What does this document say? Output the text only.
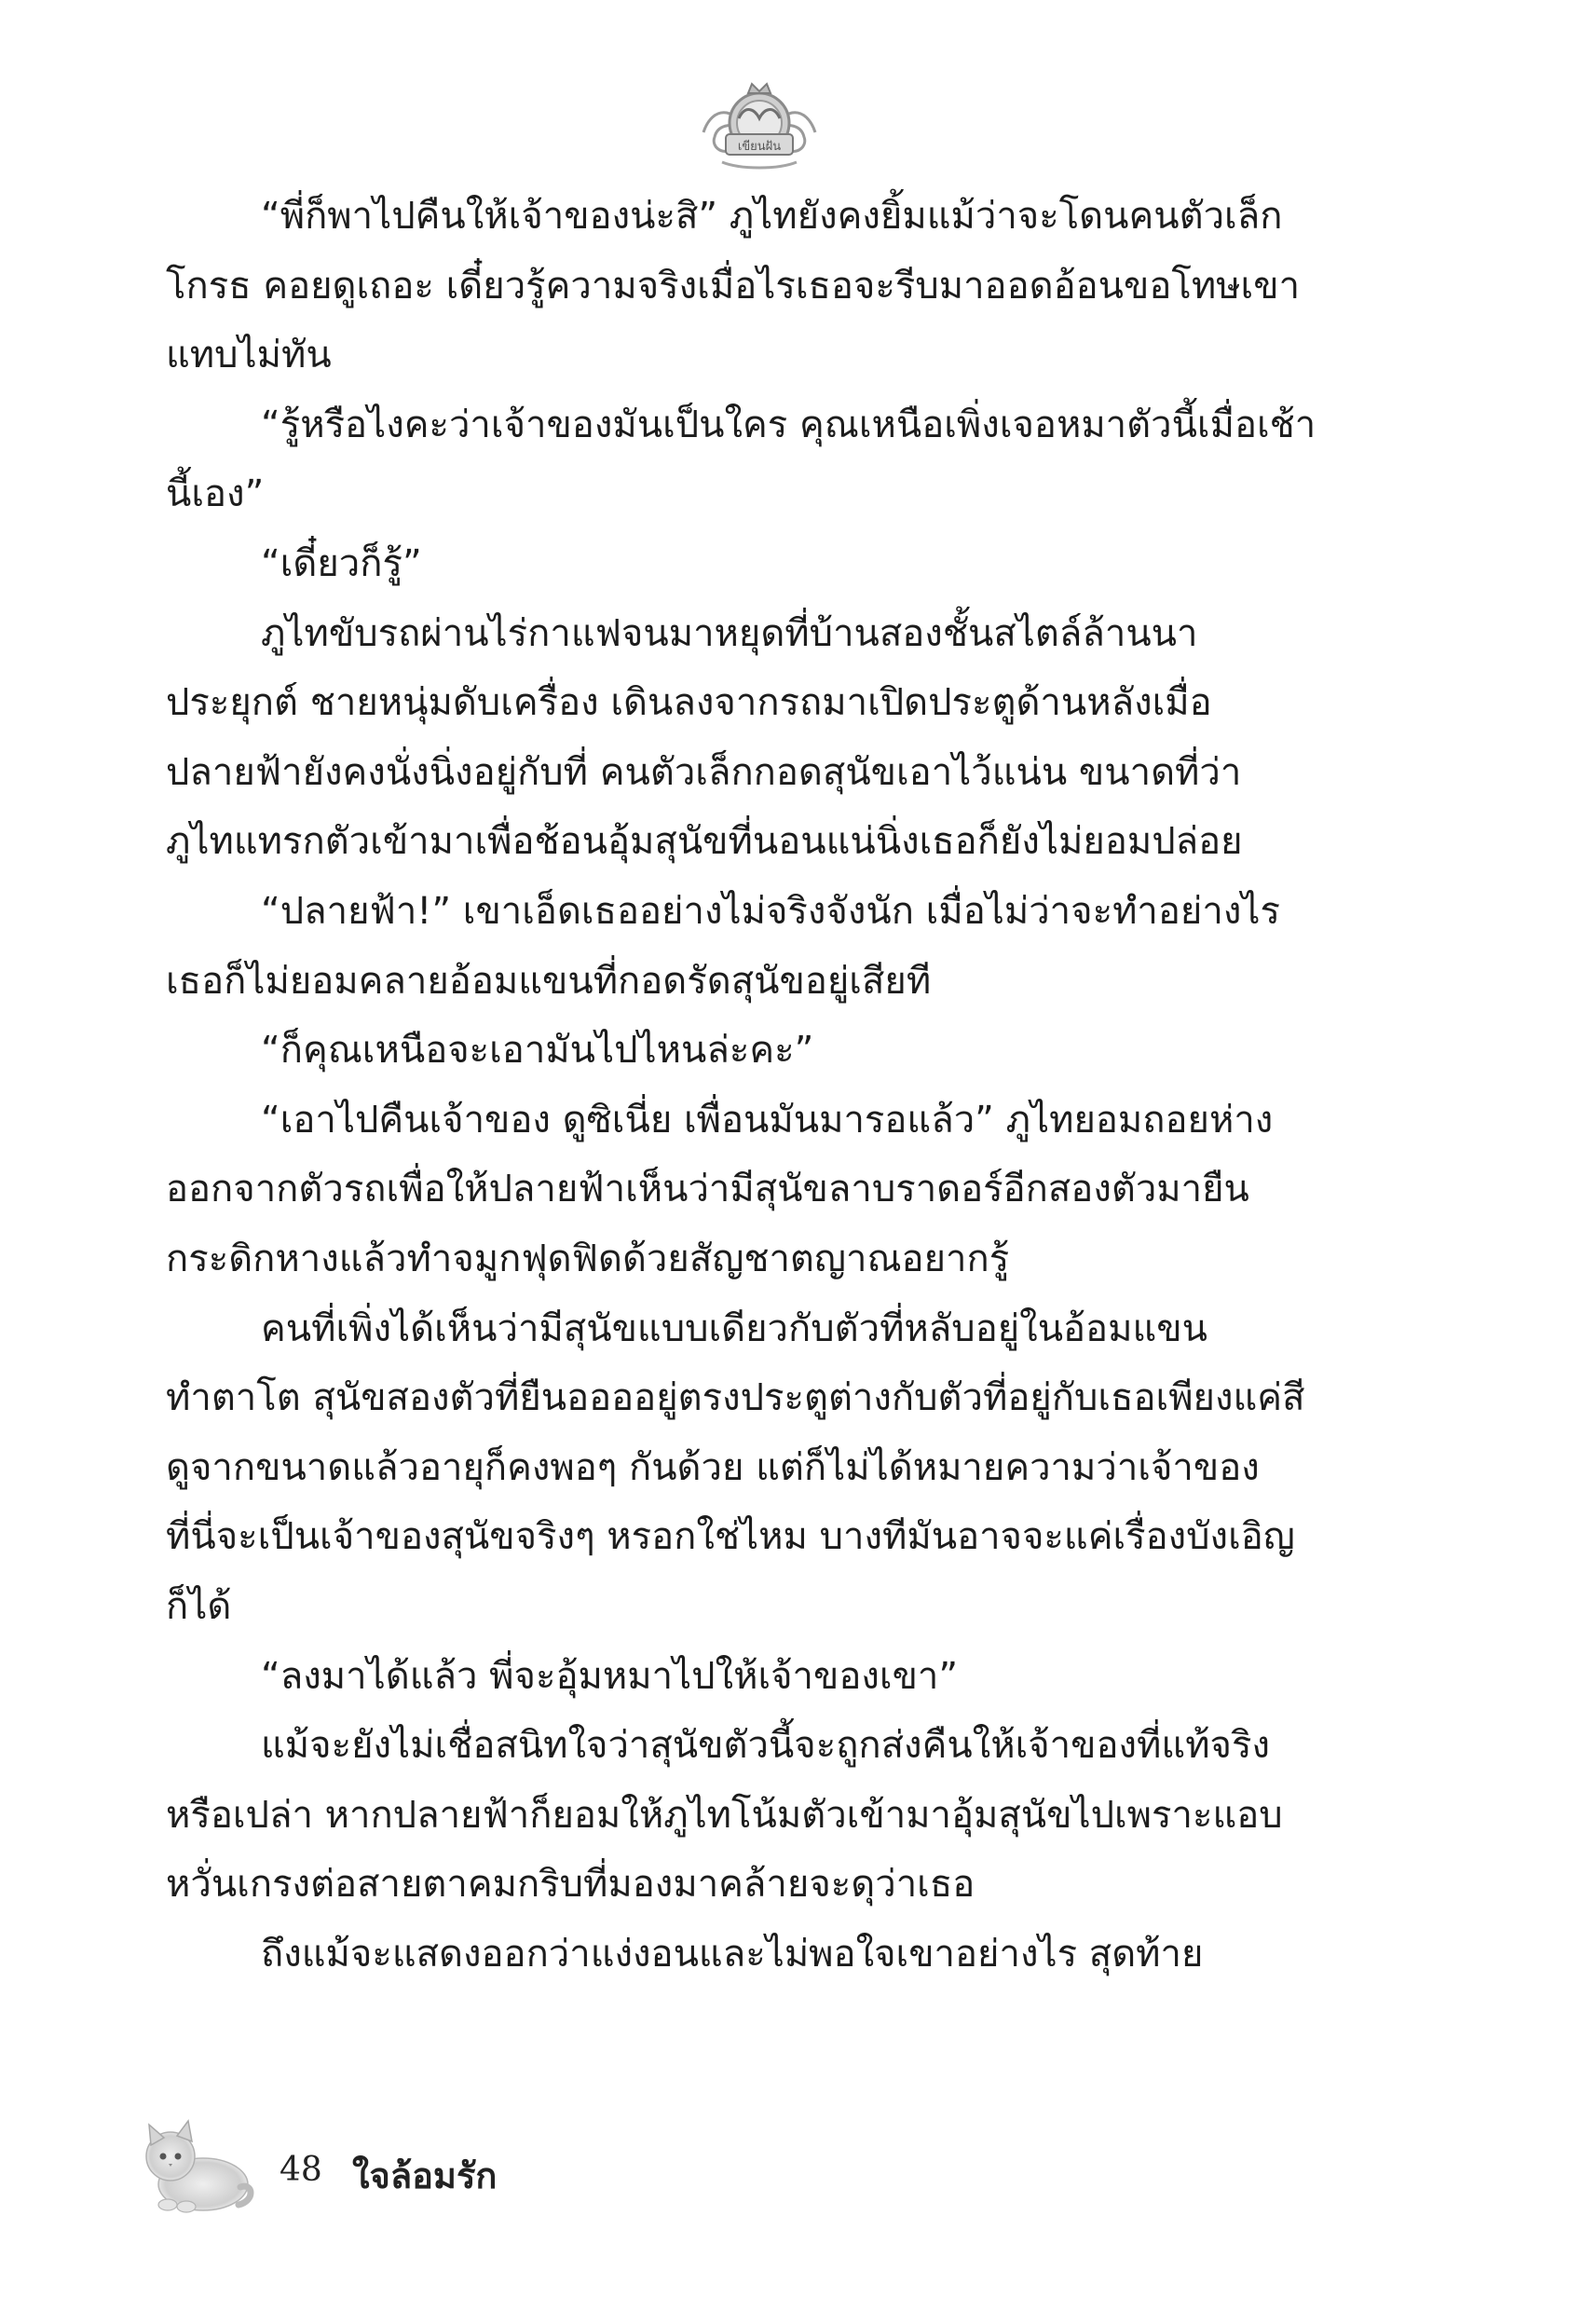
เขียนฝัน
“พี่ก็พาไปคืนให้เจ้าของน่ะสิ” ภูไทยังคงยิ้มแม้ว่าจะโดนคนตัวเล็ก
โกรธ คอยดูเถอะ เดี๋ยวรู้ความจริงเมื่อไรเธอจะรีบมาออดอ้อนขอโทษเขา
แทบไม่ทัน
“รู้หรือไงคะว่าเจ้าของมันเป็นใคร คุณเหนือเพิ่งเจอหมาตัวนี้เมื่อเช้า
นี้เอง”
“เดี๋ยวก็รู้”
ภูไทขับรถผ่านไร่กาแฟจนมาหยุดที่บ้านสองชั้นสไตล์ล้านนา
ประยุกต์ ชายหนุ่มดับเครื่อง เดินลงจากรถมาเปิดประตูด้านหลังเมื่อ
ปลายฟ้ายังคงนั่งนิ่งอยู่กับที่ คนตัวเล็กกอดสุนัขเอาไว้แน่น ขนาดที่ว่า
ภูไทแทรกตัวเข้ามาเพื่อช้อนอุ้มสุนัขที่นอนแน่นิ่งเธอก็ยังไม่ยอมปล่อย
“ปลายฟ้า!” เขาเอ็ดเธออย่างไม่จริงจังนัก เมื่อไม่ว่าจะทำอย่างไร
เธอก็ไม่ยอมคลายอ้อมแขนที่กอดรัดสุนัขอยู่เสียที
“ก็คุณเหนือจะเอามันไปไหนล่ะคะ”
“เอาไปคืนเจ้าของ ดูซิเนี่ย เพื่อนมันมารอแล้ว” ภูไทยอมถอยห่าง
ออกจากตัวรถเพื่อให้ปลายฟ้าเห็นว่ามีสุนัขลาบราดอร์อีกสองตัวมายืน
กระดิกหางแล้วทำจมูกฟุดฟิดด้วยสัญชาตญาณอยากรู้
คนที่เพิ่งได้เห็นว่ามีสุนัขแบบเดียวกับตัวที่หลับอยู่ในอ้อมแขน
ทำตาโต สุนัขสองตัวที่ยืนออออยู่ตรงประตูต่างกับตัวที่อยู่กับเธอเพียงแค่สี
ดูจากขนาดแล้วอายุก็คงพอๆ กันด้วย แต่ก็ไม่ได้หมายความว่าเจ้าของ
ที่นี่จะเป็นเจ้าของสุนัขจริงๆ หรอกใช่ไหม บางทีมันอาจจะแค่เรื่องบังเอิญ
ก็ได้
“ลงมาได้แล้ว พี่จะอุ้มหมาไปให้เจ้าของเขา”
แม้จะยังไม่เชื่อสนิทใจว่าสุนัขตัวนี้จะถูกส่งคืนให้เจ้าของที่แท้จริง
หรือเปล่า หากปลายฟ้าก็ยอมให้ภูไทโน้มตัวเข้ามาอุ้มสุนัขไปเพราะแอบ
หวั่นเกรงต่อสายตาคมกริบที่มองมาคล้ายจะดุว่าเธอ
ถึงแม้จะแสดงออกว่าแง่งอนและไม่พอใจเขาอย่างไร สุดท้าย
48 ใจล้อมรัก
